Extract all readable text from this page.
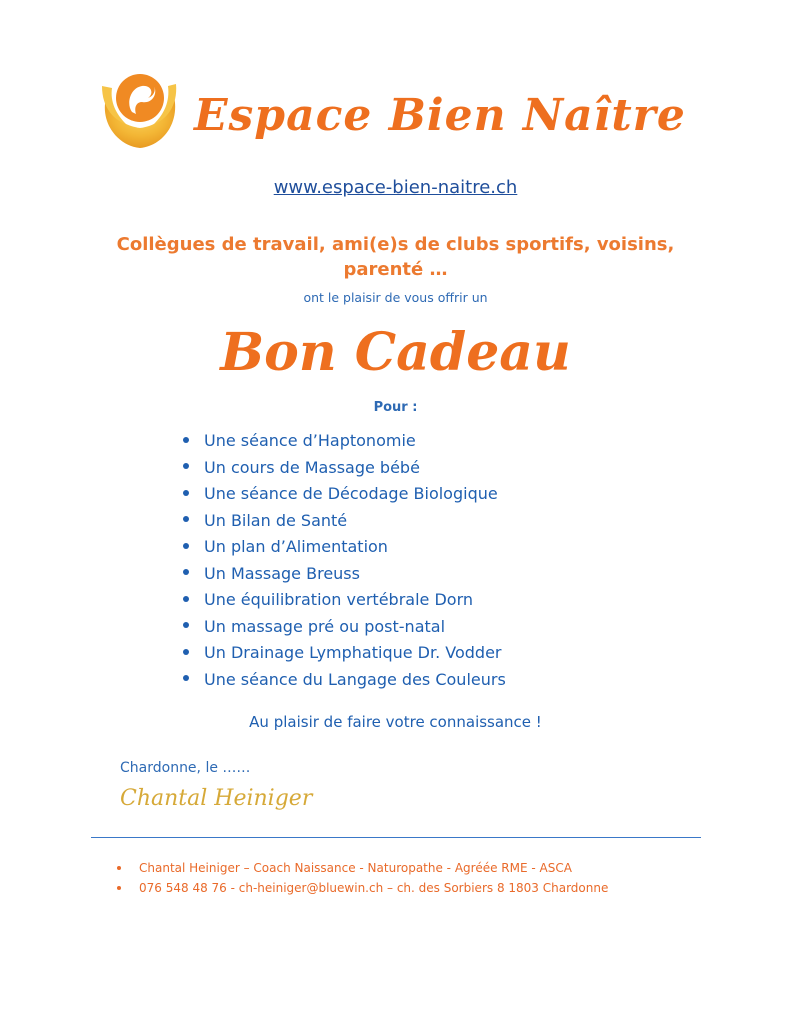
Espace Bien Naître
www.espace-bien-naitre.ch
Collègues de travail, ami(e)s de clubs sportifs, voisins,
parenté …
ont le plaisir de vous offrir un
Bon Cadeau
Pour :
Une séance d’Haptonomie
Un cours de Massage bébé
Une séance de Décodage Biologique
Un Bilan de Santé
Un plan d’Alimentation
Un Massage Breuss
Une équilibration vertébrale Dorn
Un massage pré ou post-natal
Un Drainage Lymphatique Dr. Vodder
Une séance du Langage des Couleurs
Au plaisir de faire votre connaissance !
Chardonne, le ……
Chantal Heiniger
Chantal Heiniger – Coach Naissance - Naturopathe - Agréée RME - ASCA
076 548 48 76 - ch-heiniger@bluewin.ch – ch. des Sorbiers 8 1803 Chardonne
